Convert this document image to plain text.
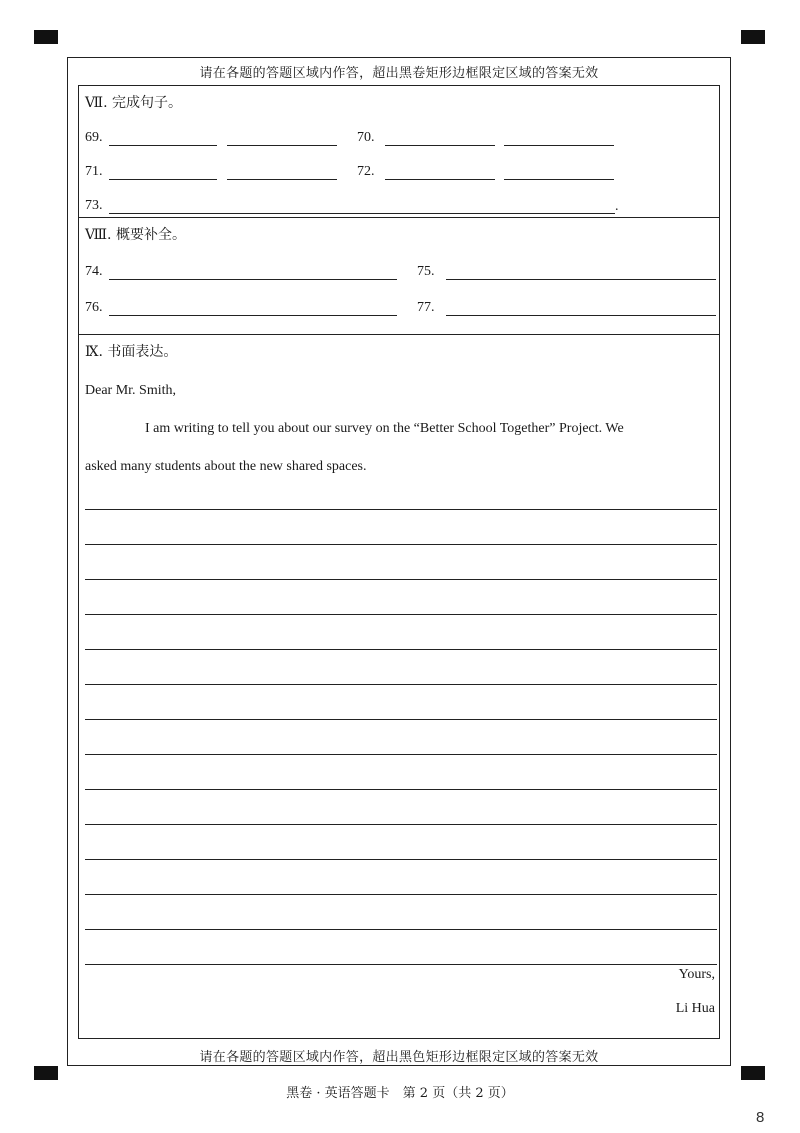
请在各题的答题区域内作答，超出黑卷矩形边框限定区域的答案无效
Ⅶ. 完成句子。
69.	70.
71.	72.
73.	.
Ⅷ. 概要补全。
74.	75.
76.	77.
Ⅸ. 书面表达。
Dear Mr. Smith,
I am writing to tell you about our survey on the “Better School Together” Project. We
asked many students about the new shared spaces.
Yours,
Li Hua
请在各题的答题区域内作答，超出黑色矩形边框限定区域的答案无效
黑卷 · 英语答题卡　第 2 页（共 2 页）
8
